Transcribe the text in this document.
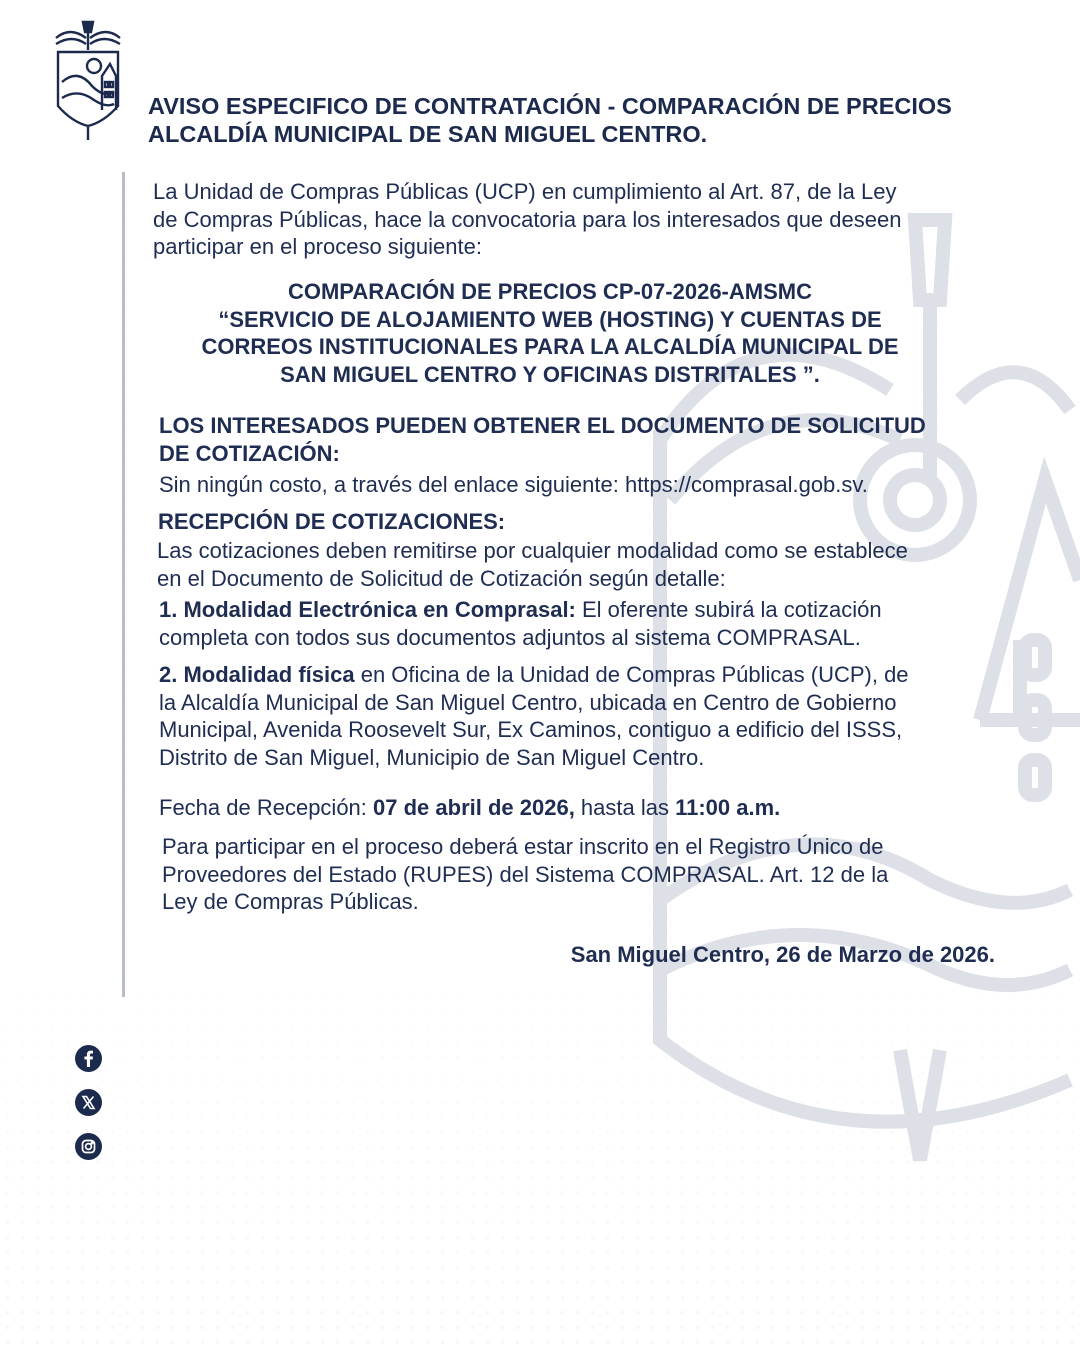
AVISO ESPECIFICO DE CONTRATACIÓN - COMPARACIÓN DE PRECIOS
ALCALDÍA MUNICIPAL DE SAN MIGUEL CENTRO.
La Unidad de Compras Públicas (UCP) en cumplimiento al Art. 87, de la Ley
de Compras Públicas, hace la convocatoria para los interesados que deseen
participar en el proceso siguiente:
COMPARACIÓN DE PRECIOS CP-07-2026-AMSMC
“SERVICIO DE ALOJAMIENTO WEB (HOSTING) Y CUENTAS DE
CORREOS INSTITUCIONALES PARA LA ALCALDÍA MUNICIPAL DE
SAN MIGUEL CENTRO Y OFICINAS DISTRITALES ”.
LOS INTERESADOS PUEDEN OBTENER EL DOCUMENTO DE SOLICITUD
DE COTIZACIÓN:
Sin ningún costo, a través del enlace siguiente: https://comprasal.gob.sv.
RECEPCIÓN DE COTIZACIONES:
Las cotizaciones deben remitirse por cualquier modalidad como se establece
en el Documento de Solicitud de Cotización según detalle:
1. Modalidad Electrónica en Comprasal: El oferente subirá la cotización
completa con todos sus documentos adjuntos al sistema COMPRASAL.
2. Modalidad física en Oficina de la Unidad de Compras Públicas (UCP), de
la Alcaldía Municipal de San Miguel Centro, ubicada en Centro de Gobierno
Municipal, Avenida Roosevelt Sur, Ex Caminos, contiguo a edificio del ISSS,
Distrito de San Miguel, Municipio de San Miguel Centro.
Fecha de Recepción: 07 de abril de 2026, hasta las 11:00 a.m.
Para participar en el proceso deberá estar inscrito en el Registro Único de
Proveedores del Estado (RUPES) del Sistema COMPRASAL. Art. 12 de la
Ley de Compras Públicas.
San Miguel Centro, 26 de Marzo de 2026.
